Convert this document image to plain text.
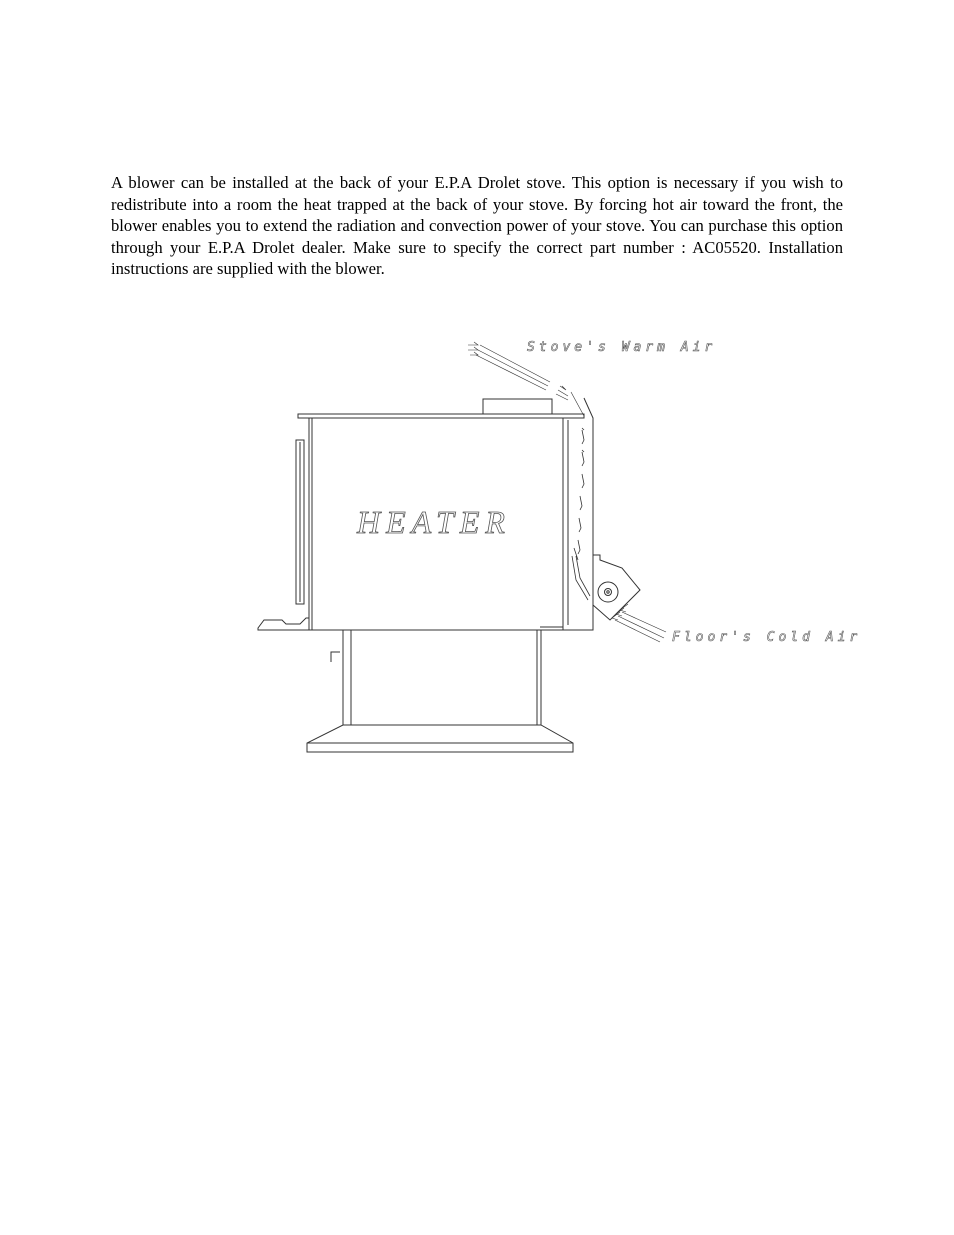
A blower can be installed at the back of your E.P.A Drolet stove. This option is necessary if you wish to redistribute into a room the heat trapped at the back of your stove. By forcing hot air toward the front, the blower enables you to extend the radiation and convection power of your stove. You can purchase this option through your E.P.A Drolet dealer. Make sure to specify the correct part number : AC05520. Installation instructions are supplied with the blower.

HEATER
Stove's Warm Air
Floor's Cold Air
